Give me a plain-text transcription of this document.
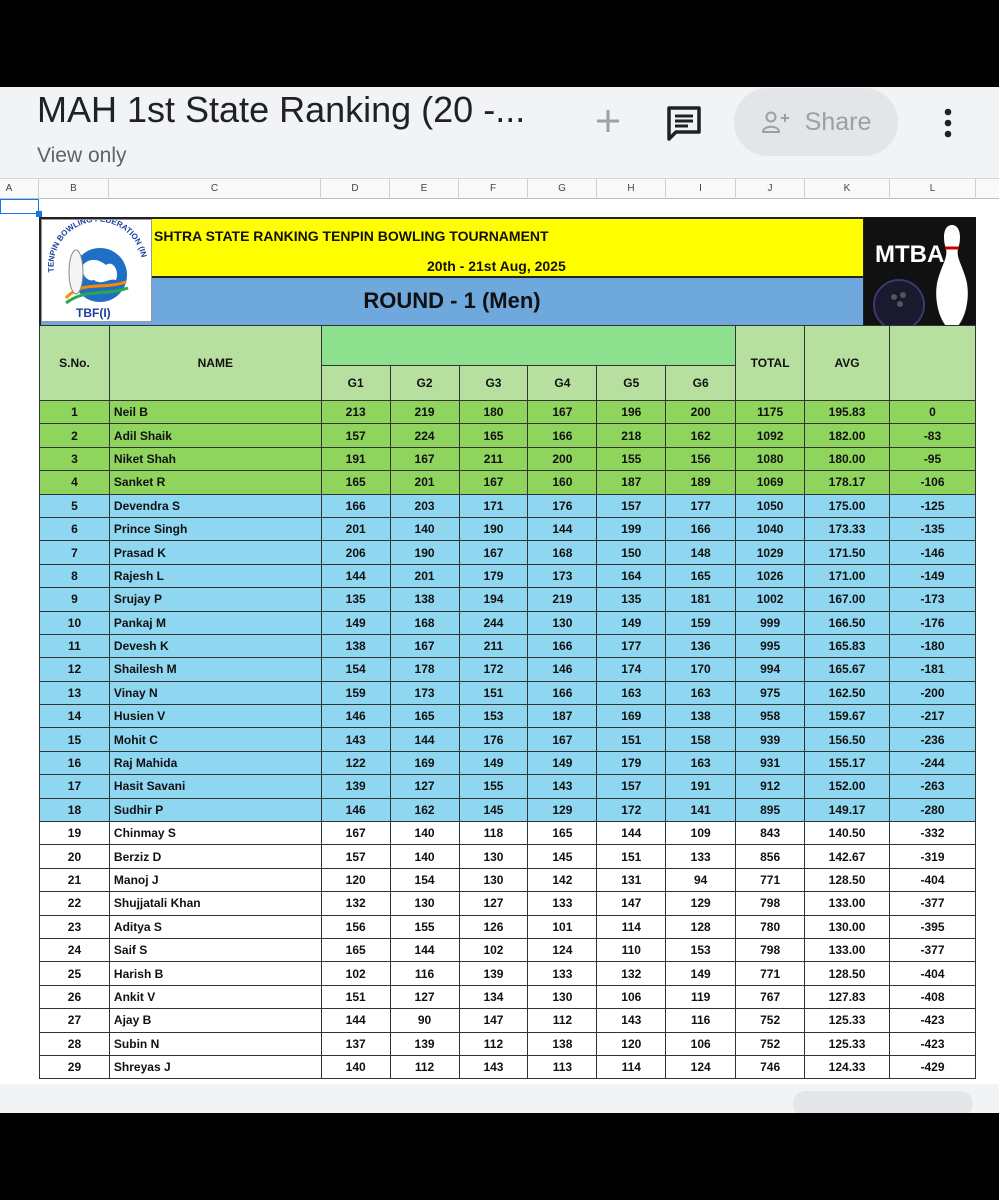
MAH 1st State Ranking (20 -...
View only
Share
A	B	C	D	E	F	G	H	I	J	K	L
SHTRA STATE RANKING TENPIN BOWLING TOURNAMENT
20th - 21st Aug, 2025
ROUND - 1 (Men)
TENPIN BOWLIN DERATION (IN
TBF(I)
MTBA
S.No.	NAME							TOTAL	AVG	
		G1	G2	G3	G4	G5	G6			
1	Neil B	213	219	180	167	196	200	1175	195.83	0
2	Adil Shaik	157	224	165	166	218	162	1092	182.00	-83
3	Niket Shah	191	167	211	200	155	156	1080	180.00	-95
4	Sanket R	165	201	167	160	187	189	1069	178.17	-106
5	Devendra S	166	203	171	176	157	177	1050	175.00	-125
6	Prince Singh	201	140	190	144	199	166	1040	173.33	-135
7	Prasad K	206	190	167	168	150	148	1029	171.50	-146
8	Rajesh L	144	201	179	173	164	165	1026	171.00	-149
9	Srujay P	135	138	194	219	135	181	1002	167.00	-173
10	Pankaj M	149	168	244	130	149	159	999	166.50	-176
11	Devesh K	138	167	211	166	177	136	995	165.83	-180
12	Shailesh M	154	178	172	146	174	170	994	165.67	-181
13	Vinay N	159	173	151	166	163	163	975	162.50	-200
14	Husien V	146	165	153	187	169	138	958	159.67	-217
15	Mohit C	143	144	176	167	151	158	939	156.50	-236
16	Raj Mahida	122	169	149	149	179	163	931	155.17	-244
17	Hasit Savani	139	127	155	143	157	191	912	152.00	-263
18	Sudhir P	146	162	145	129	172	141	895	149.17	-280
19	Chinmay S	167	140	118	165	144	109	843	140.50	-332
20	Berziz D	157	140	130	145	151	133	856	142.67	-319
21	Manoj J	120	154	130	142	131	94	771	128.50	-404
22	Shujjatali Khan	132	130	127	133	147	129	798	133.00	-377
23	Aditya S	156	155	126	101	114	128	780	130.00	-395
24	Saif S	165	144	102	124	110	153	798	133.00	-377
25	Harish B	102	116	139	133	132	149	771	128.50	-404
26	Ankit V	151	127	134	130	106	119	767	127.83	-408
27	Ajay B	144	90	147	112	143	116	752	125.33	-423
28	Subin N	137	139	112	138	120	106	752	125.33	-423
29	Shreyas J	140	112	143	113	114	124	746	124.33	-429
